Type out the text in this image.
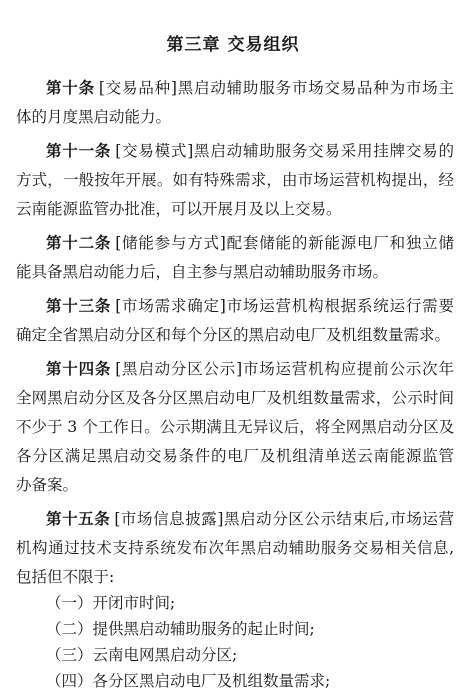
第三章 交易组织
第十条 [交易品种]黑启动辅助服务市场交易品种为市场主
体的月度黑启动能力。
第十一条 [交易模式]黑启动辅助服务交易采用挂牌交易的
方式，一般按年开展。如有特殊需求，由市场运营机构提出，经
云南能源监管办批准，可以开展月及以上交易。
第十二条 [储能参与方式]配套储能的新能源电厂和独立储
能具备黑启动能力后，自主参与黑启动辅助服务市场。
第十三条 [市场需求确定]市场运营机构根据系统运行需要
确定全省黑启动分区和每个分区的黑启动电厂及机组数量需求。
第十四条 [黑启动分区公示]市场运营机构应提前公示次年
全网黑启动分区及各分区黑启动电厂及机组数量需求，公示时间
不少于 3 个工作日。公示期满且无异议后，将全网黑启动分区及
各分区满足黑启动交易条件的电厂及机组清单送云南能源监管
办备案。
第十五条 [市场信息披露]黑启动分区公示结束后,市场运营
机构通过技术支持系统发布次年黑启动辅助服务交易相关信息,
包括但不限于:
（一）开闭市时间;
（二）提供黑启动辅助服务的起止时间;
（三）云南电网黑启动分区;
（四）各分区黑启动电厂及机组数量需求;
